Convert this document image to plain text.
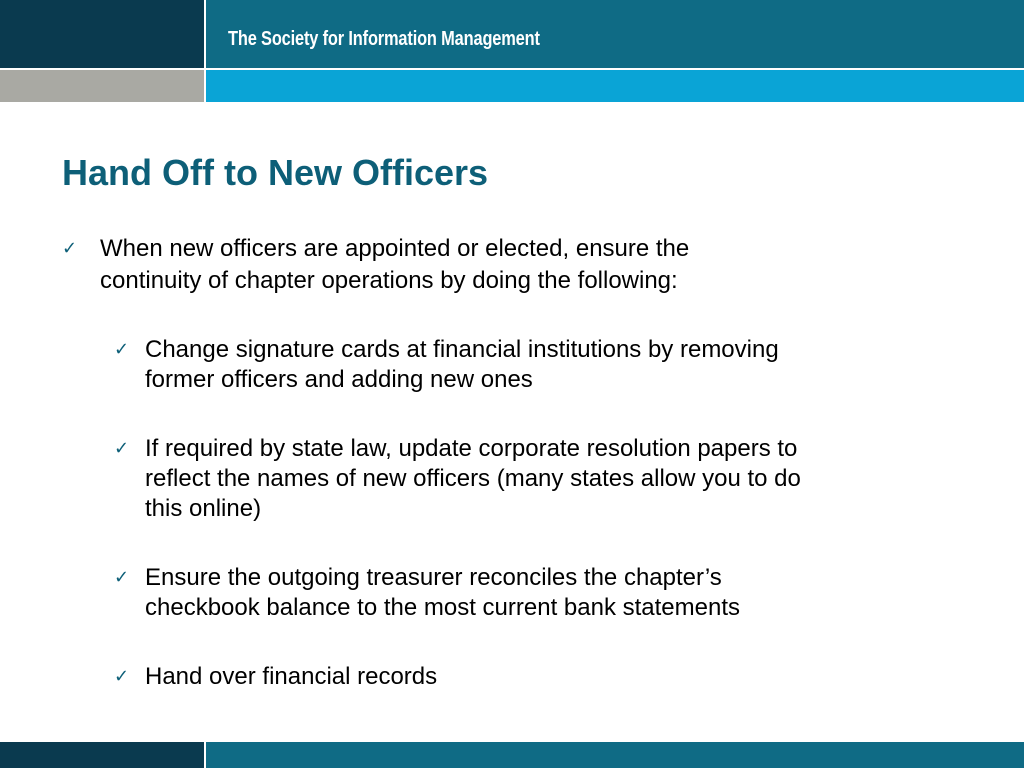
The Society for Information Management
Hand Off to New Officers
✓ When new officers are appointed or elected, ensure the
continuity of chapter operations by doing the following:
✓ Change signature cards at financial institutions by removing
former officers and adding new ones
✓ If required by state law, update corporate resolution papers to
reflect the names of new officers (many states allow you to do
this online)
✓ Ensure the outgoing treasurer reconciles the chapter’s
checkbook balance to the most current bank statements
✓ Hand over financial records
